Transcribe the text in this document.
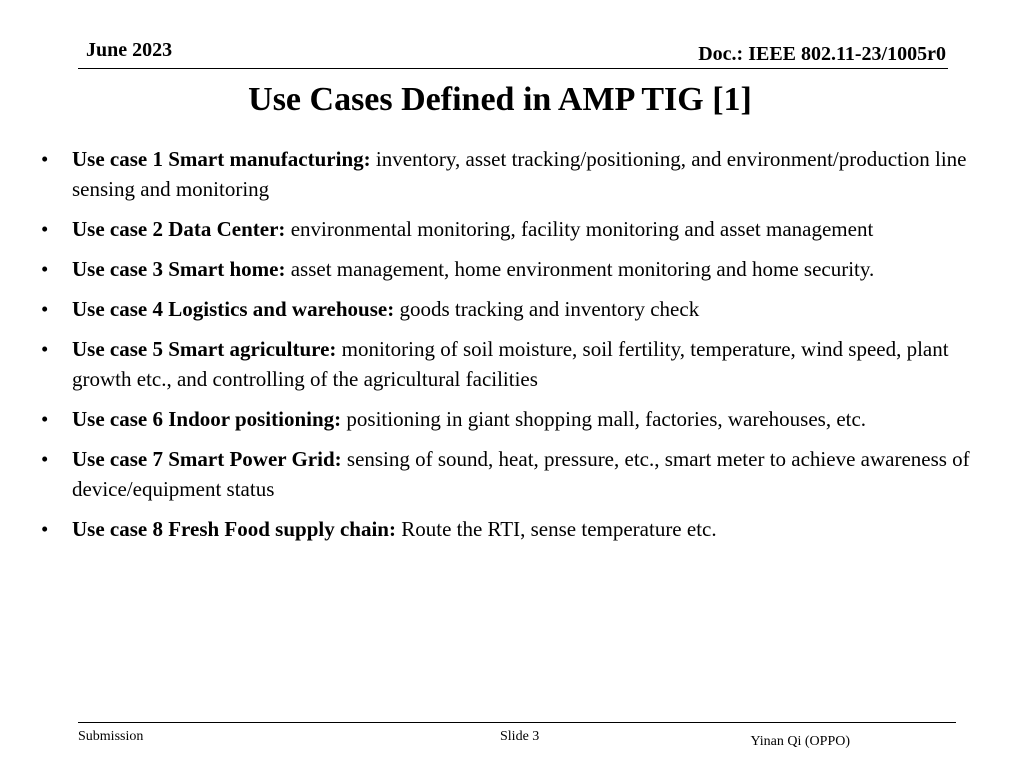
June 2023	Doc.: IEEE 802.11-23/1005r0
Use Cases Defined in AMP TIG [1]
• Use case 1 Smart manufacturing: inventory, asset tracking/positioning, and environment/production line sensing and monitoring
• Use case 2 Data Center: environmental monitoring, facility monitoring and asset management
• Use case 3 Smart home: asset management, home environment monitoring and home security.
• Use case 4 Logistics and warehouse: goods tracking and inventory check
• Use case 5 Smart agriculture: monitoring of soil moisture, soil fertility, temperature, wind speed, plant growth etc., and controlling of the agricultural facilities
• Use case 6 Indoor positioning: positioning in giant shopping mall, factories, warehouses, etc.
• Use case 7 Smart Power Grid: sensing of sound, heat, pressure, etc., smart meter to achieve awareness of device/equipment status
• Use case 8 Fresh Food supply chain: Route the RTI, sense temperature etc.
Submission	Slide 3	Yinan Qi (OPPO)
